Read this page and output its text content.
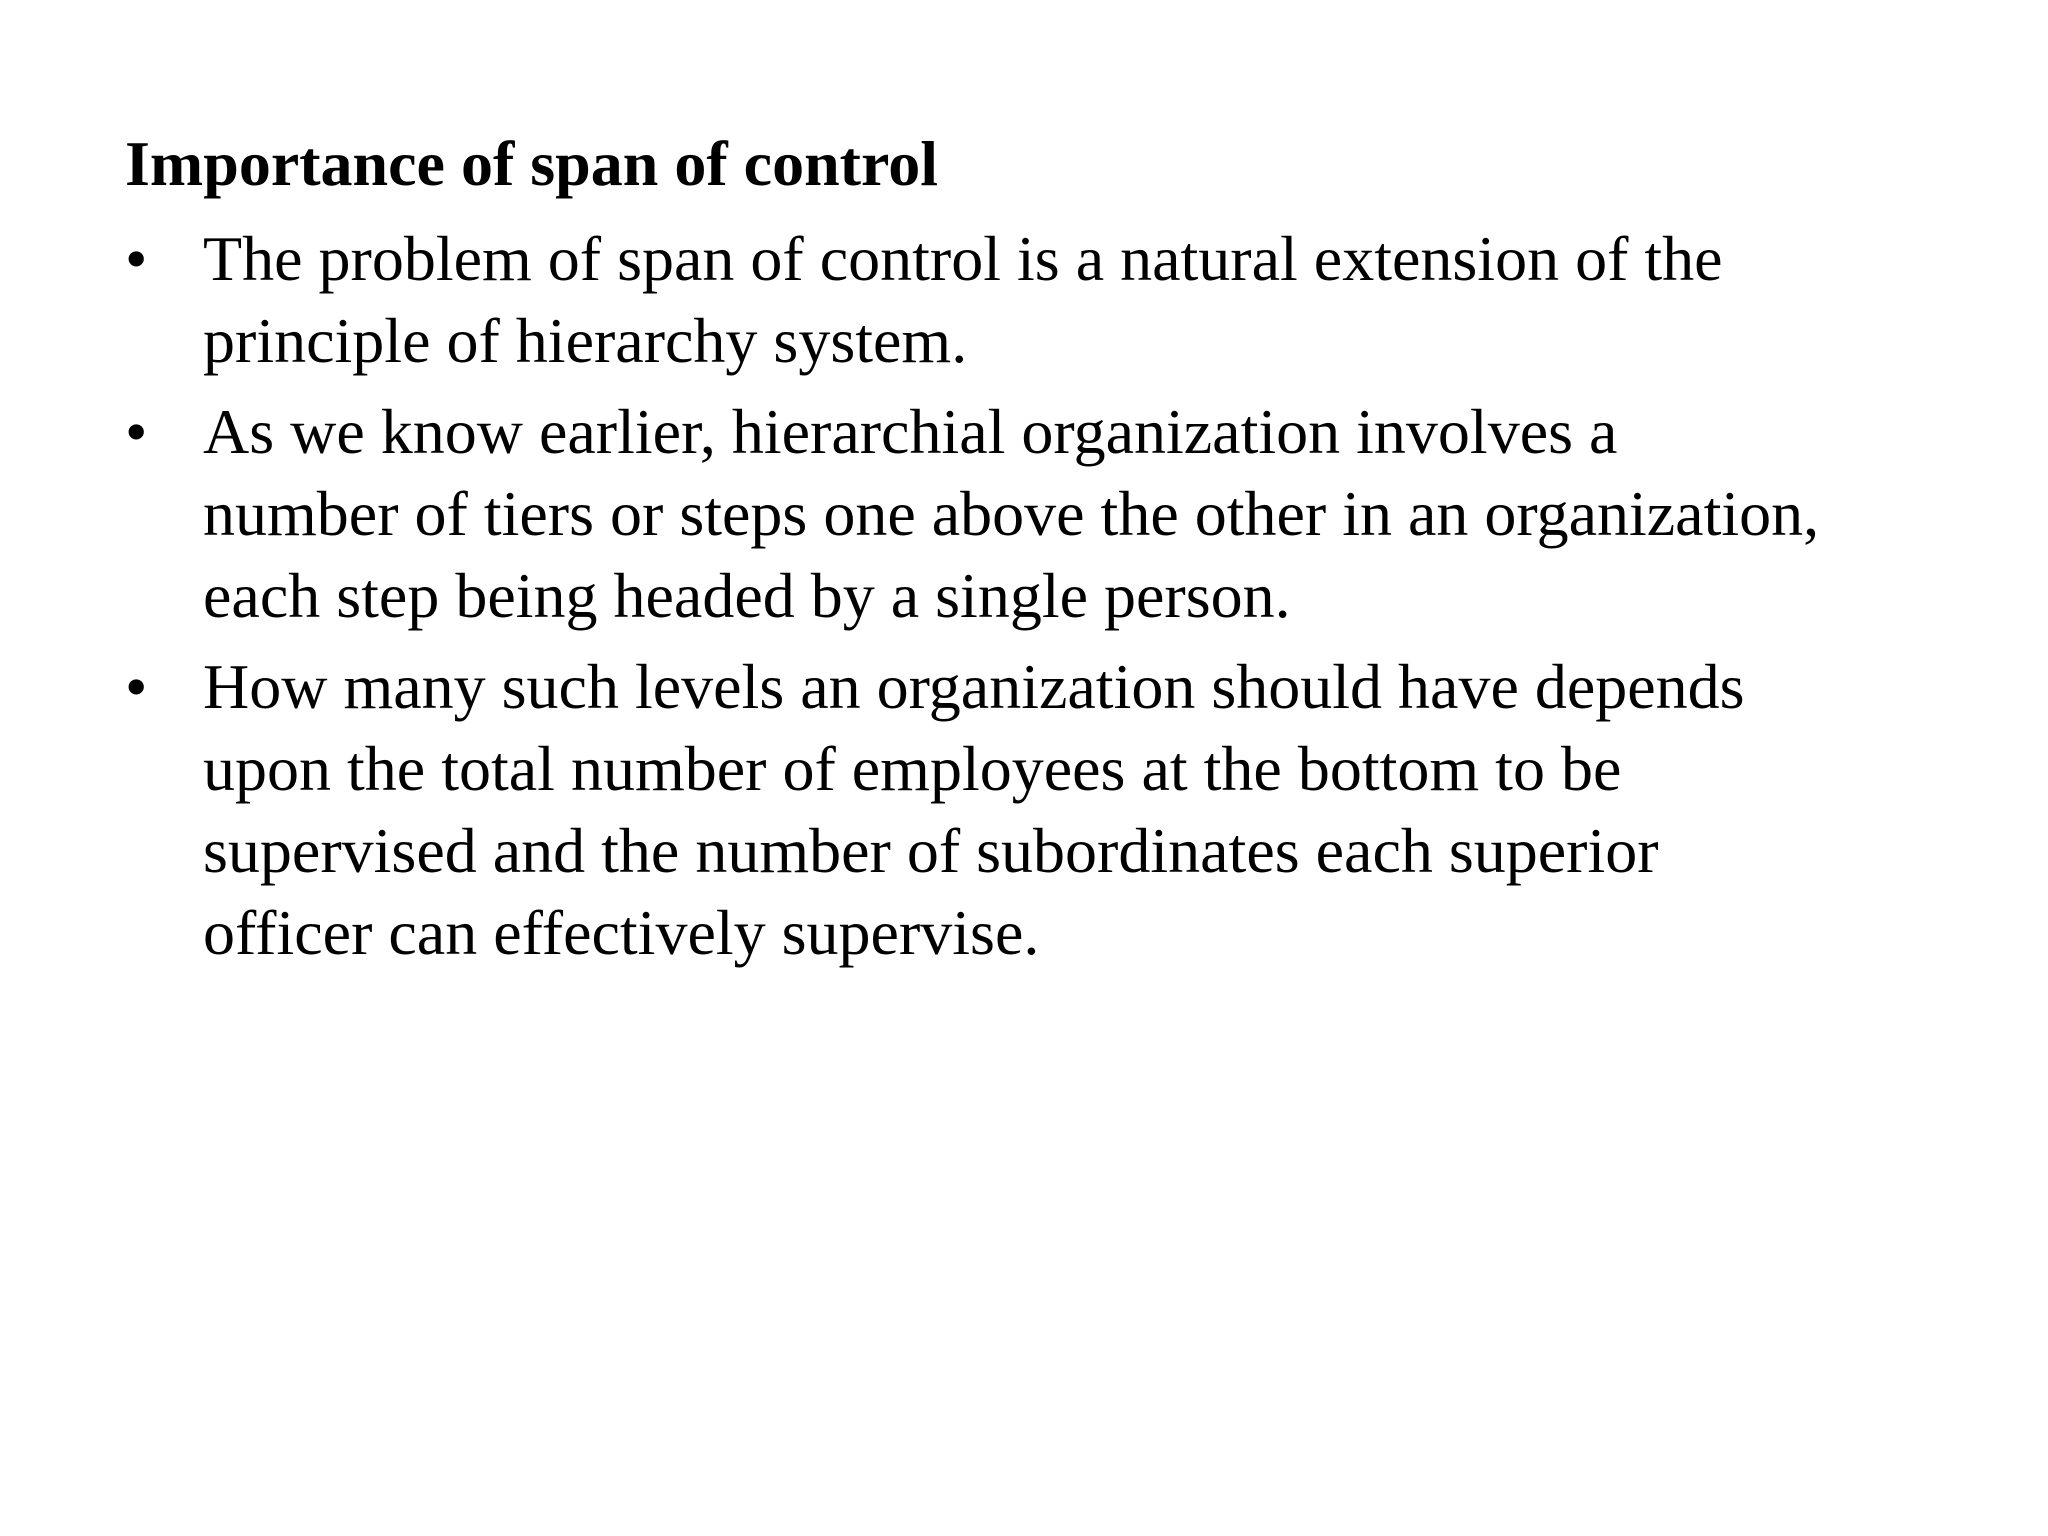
Importance of span of control
• The problem of span of control is a natural extension of the
principle of hierarchy system.
• As we know earlier, hierarchial organization involves a
number of tiers or steps one above the other in an organization,
each step being headed by a single person.
• How many such levels an organization should have depends
upon the total number of employees at the bottom to be
supervised and the number of subordinates each superior
officer can effectively supervise.
